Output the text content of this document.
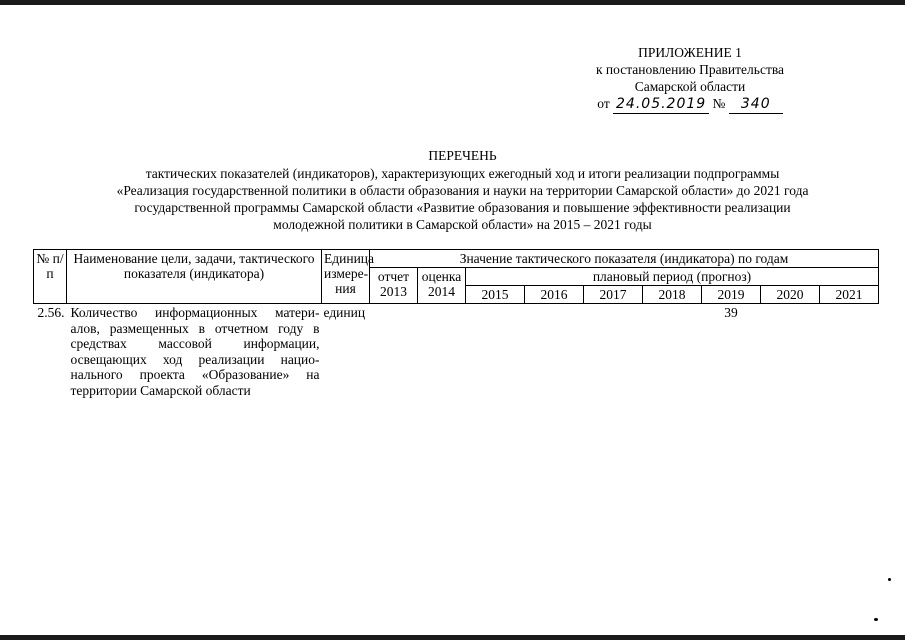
ПРИЛОЖЕНИЕ 1
к постановлению Правительства
Самарской области
от 24.05.2019 № 340
ПЕРЕЧЕНЬ
тактических показателей (индикаторов), характеризующих ежегодный ход и итоги реализации подпрограммы
«Реализация государственной политики в области образования и науки на территории Самарской области» до 2021 года
государственной программы Самарской области «Развитие образования и повышение эффективности реализации
молодежной политики в Самарской области» на 2015 – 2021 годы
№ п/п	Наименование цели, задачи, тактического показателя (индикатора)	Единица измере- ния	Значение тактического показателя (индикатора) по годам								
			отчет 2013	оценка 2014	плановый период (прогноз)						
					2015	2016	2017	2018	2019	2020	2021
2.56.	Количество информационных матери-алов, размещенных в отчетном году в средствах массовой информации, освещающих ход реализации нацио-нального проекта «Образование» на территории Самарской области	единиц							39		
